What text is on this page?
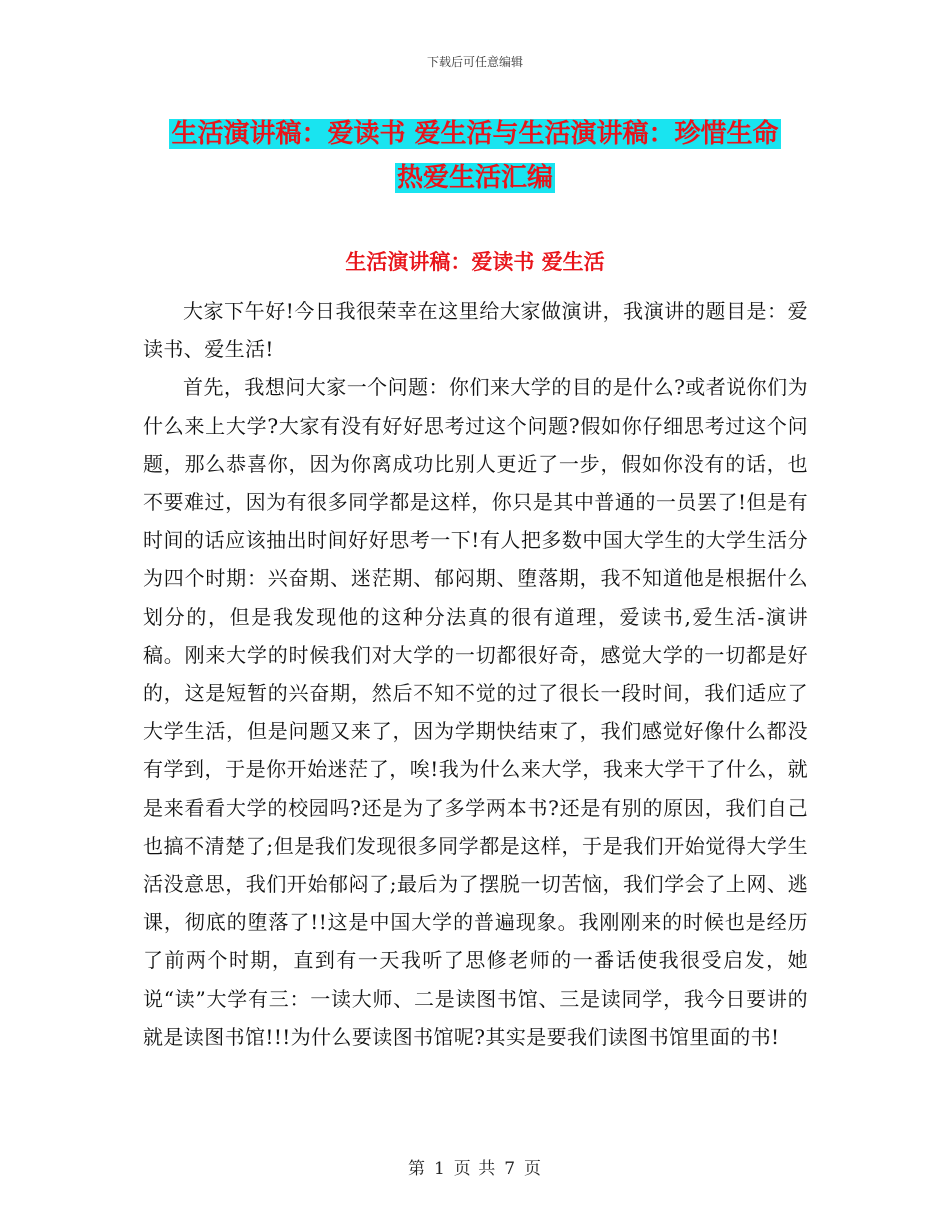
下载后可任意编辑
生活演讲稿：爱读书 爱生活与生活演讲稿：珍惜生命
热爱生活汇编
生活演讲稿：爱读书 爱生活

大家下午好!今日我很荣幸在这里给大家做演讲，我演讲的题目是：爱读书、爱生活!

首先，我想问大家一个问题：你们来大学的目的是什么?或者说你们为什么来上大学?大家有没有好好思考过这个问题?假如你仔细思考过这个问题，那么恭喜你，因为你离成功比别人更近了一步，假如你没有的话，也不要难过，因为有很多同学都是这样，你只是其中普通的一员罢了!但是有时间的话应该抽出时间好好思考一下!有人把多数中国大学生的大学生活分为四个时期：兴奋期、迷茫期、郁闷期、堕落期，我不知道他是根据什么划分的，但是我发现他的这种分法真的很有道理，爱读书,爱生活-演讲稿。刚来大学的时候我们对大学的一切都很好奇，感觉大学的一切都是好的，这是短暂的兴奋期，然后不知不觉的过了很长一段时间，我们适应了大学生活，但是问题又来了，因为学期快结束了，我们感觉好像什么都没有学到，于是你开始迷茫了，唉!我为什么来大学，我来大学干了什么，就是来看看大学的校园吗?还是为了多学两本书?还是有别的原因，我们自己也搞不清楚了;但是我们发现很多同学都是这样，于是我们开始觉得大学生活没意思，我们开始郁闷了;最后为了摆脱一切苦恼，我们学会了上网、逃课，彻底的堕落了!!这是中国大学的普遍现象。我刚刚来的时候也是经历了前两个时期，直到有一天我听了思修老师的一番话使我很受启发，她说“读”大学有三：一读大师、二是读图书馆、三是读同学，我今日要讲的就是读图书馆!!!为什么要读图书馆呢?其实是要我们读图书馆里面的书!

第 1 页 共 7 页
